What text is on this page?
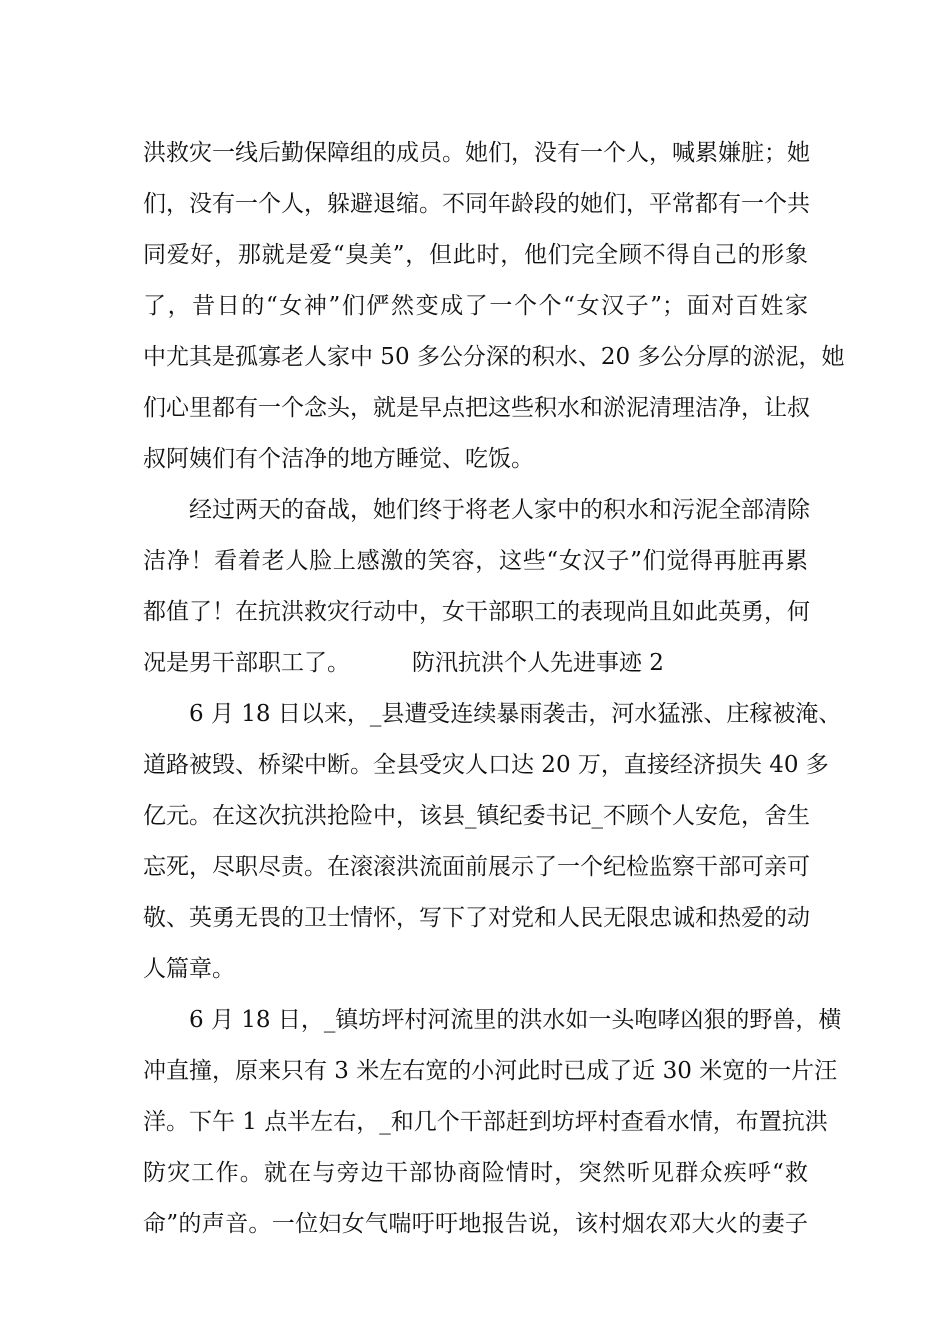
洪救灾一线后勤保障组的成员。她们，没有一个人，喊累嫌脏；她
们，没有一个人，躲避退缩。不同年龄段的她们，平常都有一个共
同爱好，那就是爱“臭美”，但此时，他们完全顾不得自己的形象
了，昔日的“女神”们俨然变成了一个个“女汉子”；面对百姓家
中尤其是孤寡老人家中 50 多公分深的积水、20 多公分厚的淤泥，她
们心里都有一个念头，就是早点把这些积水和淤泥清理洁净，让叔
叔阿姨们有个洁净的地方睡觉、吃饭。
经过两天的奋战，她们终于将老人家中的积水和污泥全部清除
洁净！看着老人脸上感激的笑容，这些“女汉子”们觉得再脏再累
都值了！在抗洪救灾行动中，女干部职工的表现尚且如此英勇，何
况是男干部职工了。	防汛抗洪个人先进事迹 2
6 月 18 日以来，_县遭受连续暴雨袭击，河水猛涨、庄稼被淹、
道路被毁、桥梁中断。全县受灾人口达 20 万，直接经济损失 40 多
亿元。在这次抗洪抢险中，该县_镇纪委书记_不顾个人安危，舍生
忘死，尽职尽责。在滚滚洪流面前展示了一个纪检监察干部可亲可
敬、英勇无畏的卫士情怀，写下了对党和人民无限忠诚和热爱的动
人篇章。
6 月 18 日，_镇坊坪村河流里的洪水如一头咆哮凶狠的野兽，横
冲直撞，原来只有 3 米左右宽的小河此时已成了近 30 米宽的一片汪
洋。下午 1 点半左右，_和几个干部赶到坊坪村查看水情，布置抗洪
防灾工作。就在与旁边干部协商险情时，突然听见群众疾呼“救
命”的声音。一位妇女气喘吁吁地报告说，该村烟农邓大火的妻子
